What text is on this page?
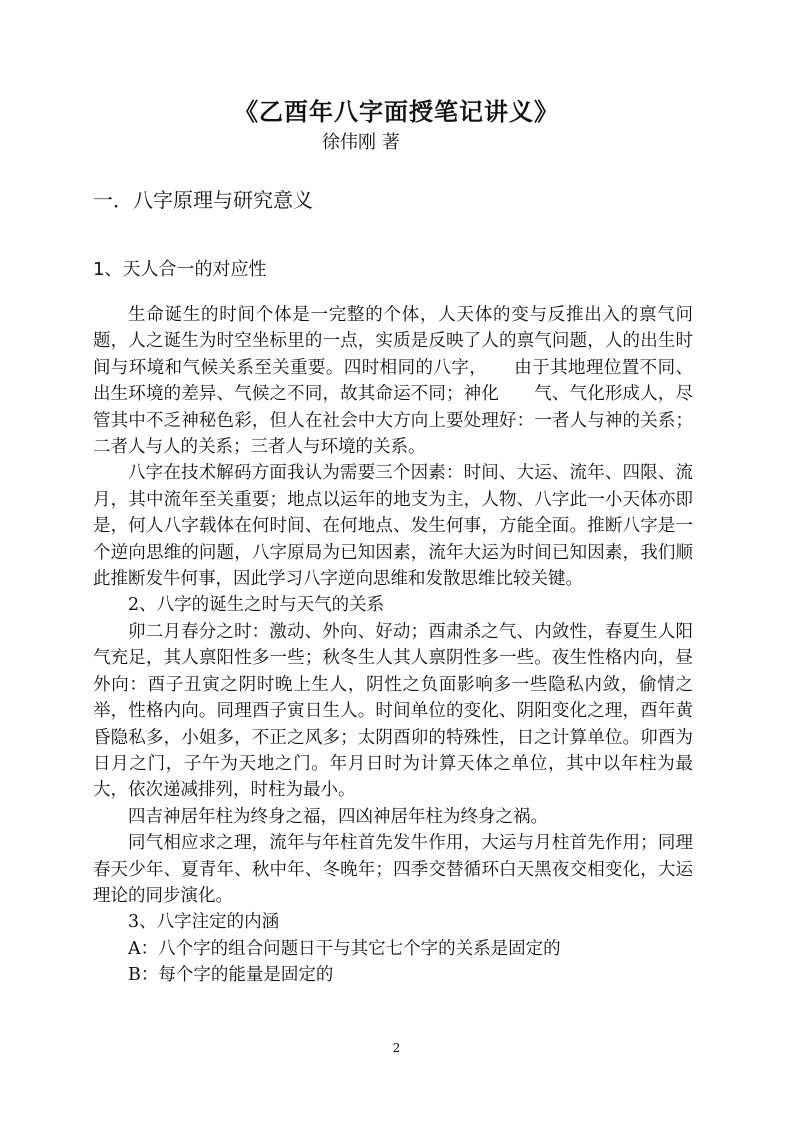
《乙酉年八字面授笔记讲义》
徐伟刚 著
一．八字原理与研究意义
1、天人合一的对应性

生命诞生的时间个体是一完整的个体，人天体的变与反推出入的禀气问题，人之诞生为时空坐标里的一点，实质是反映了人的禀气问题，人的出生时间与环境和气候关系至关重要。四时相同的八字，　　由于其地理位置不同、出生环境的差异、气候之不同，故其命运不同；神化　　气、气化形成人，尽管其中不乏神秘色彩，但人在社会中大方向上要处理好：一者人与神的关系；二者人与人的关系；三者人与环境的关系。

八字在技术解码方面我认为需要三个因素：时间、大运、流年、四限、流月，其中流年至关重要；地点以运年的地支为主，人物、八字此一小天体亦即是，何人八字载体在何时间、在何地点、发生何事，方能全面。推断八字是一个逆向思维的问题，八字原局为已知因素，流年大运为时间已知因素，我们顺此推断发牛何事，因此学习八字逆向思维和发散思维比较关键。

2、八字的诞生之时与天气的关系

卯二月春分之时：激动、外向、好动；酉肃杀之气、内敛性，春夏生人阳气充足，其人禀阳性多一些；秋冬生人其人禀阴性多一些。夜生性格内向，昼外向：酉子丑寅之阴时晚上生人，阴性之负面影响多一些隐私内敛，偷情之举，性格内向。同理酉子寅日生人。时间单位的变化、阴阳变化之理，酉年黄昏隐私多，小姐多，不正之风多；太阴酉卯的特殊性，日之计算单位。卯酉为日月之门，子午为天地之门。年月日时为计算天体之单位，其中以年柱为最大，依次递减排列，时柱为最小。

四吉神居年柱为终身之福，四凶神居年柱为终身之祸。

同气相应求之理，流年与年柱首先发牛作用，大运与月柱首先作用；同理春天少年、夏青年、秋中年、冬晚年；四季交替循环白天黑夜交相变化，大运理论的同步演化。

3、八字注定的内涵

A：八个字的组合问题日干与其它七个字的关系是固定的

B：每个字的能量是固定的

2
